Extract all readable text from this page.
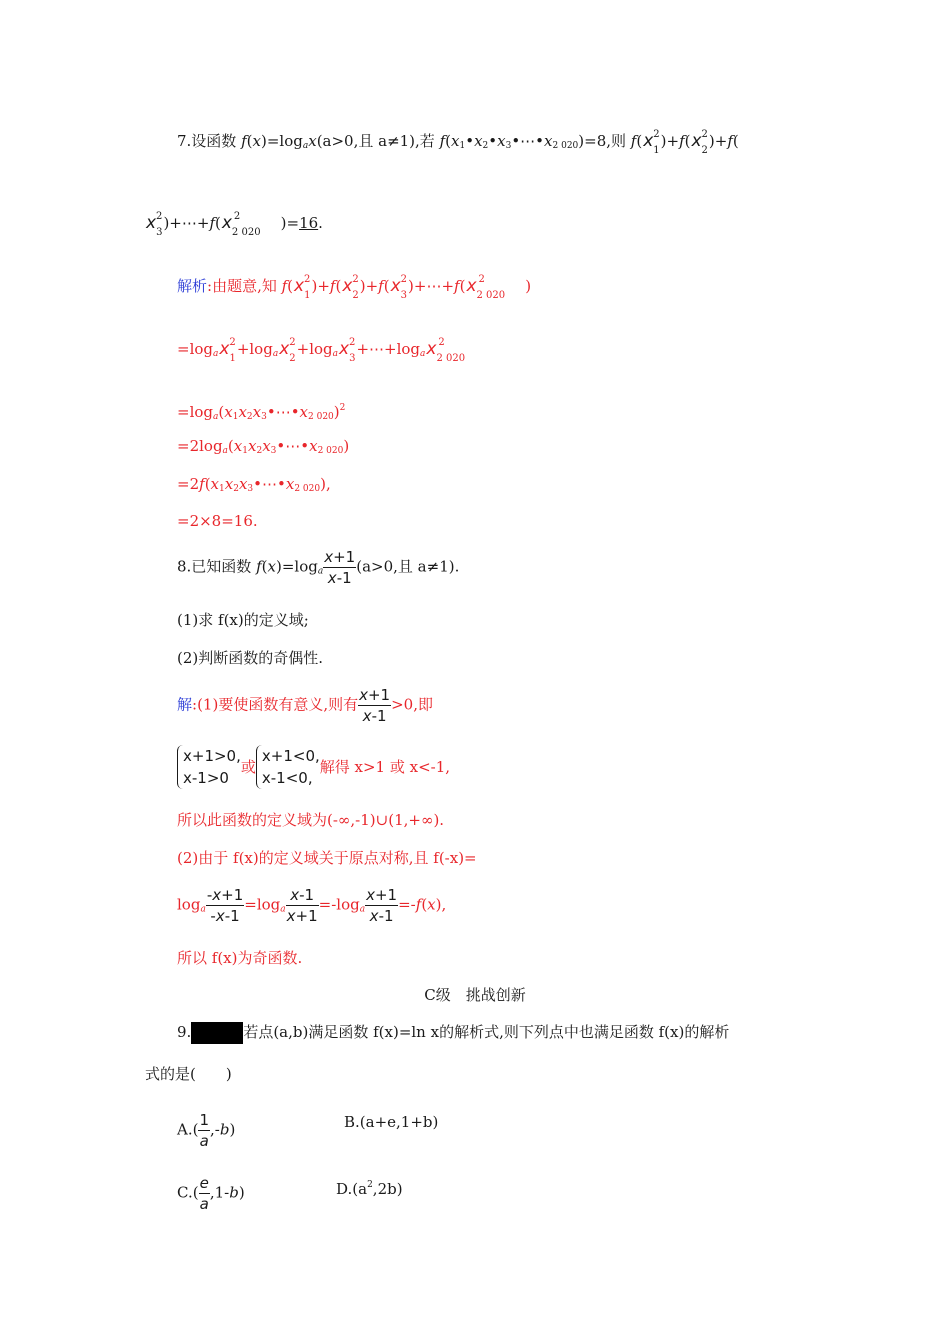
7.设函数 $f(x)=\log_ax(a>0$,且 a≠1),若 $f(x_1•x_2•x_3•\cdots•x_{2 020})=8$,则 $f(x_1$
2 )$+f(x_2$
2 )+f(
$x_3$
2 )$+\cdots+f(x_{2 020}$
2	)=16.
解析:由题意,知 $f(x_1$
2 )$+f(x_2$
2 )$+f(x_3$
2 )$+\cdots+f(x_{2 020}$
2 )
$=\log_ax_1$
$2 +\log_ax_2$
$2 +\log_ax_3$
$2 +\cdots+\log_ax_{2 020}$
2
$=\log_a(x_1x_2x_3•\cdots•x_{2 020})^2$
$=2\log_a(x_1x_2x_3•\cdots•x_{2 020})$
$=2f(x_1x_2x_3•\cdots•x_{2 020})$,
=2×8=16.
8.已知函数 $f(x)=\log_a \frac{x+1}{x-1} (a>0$,且 a≠1).
(1)求 f(x)的定义域;
(2)判断函数的奇偶性.
解:(1)要使函数有意义,则有 $\frac{x+1}{x-1} >0$,即
x+1>0,
x-1>0
或
x+1<0,
x-1<0,
解得 x>1 或 x<-1,
所以此函数的定义域为(-∞,-1)∪(1,+∞).
(2)由于 f(x)的定义域关于原点对称,且 f(-x)=
$\log_a \frac{-x+1}{-x-1} =\log_a \frac{x-1}{x+1} =-\log_a \frac{x+1}{x-1} =-f(x)$,
所以 f(x)为奇函数.
C级　挑战创新
9.	若点(a,b)满足函数 f(x)=ln x的解析式,则下列点中也满足函数 f(x)的解析
式的是(　　)
$A.( \frac{1}{a} ,-b)$	B.(a+e,1+b)
$C.( \frac{e}{a} ,1-b)$	$D.(a^2,2b)$
